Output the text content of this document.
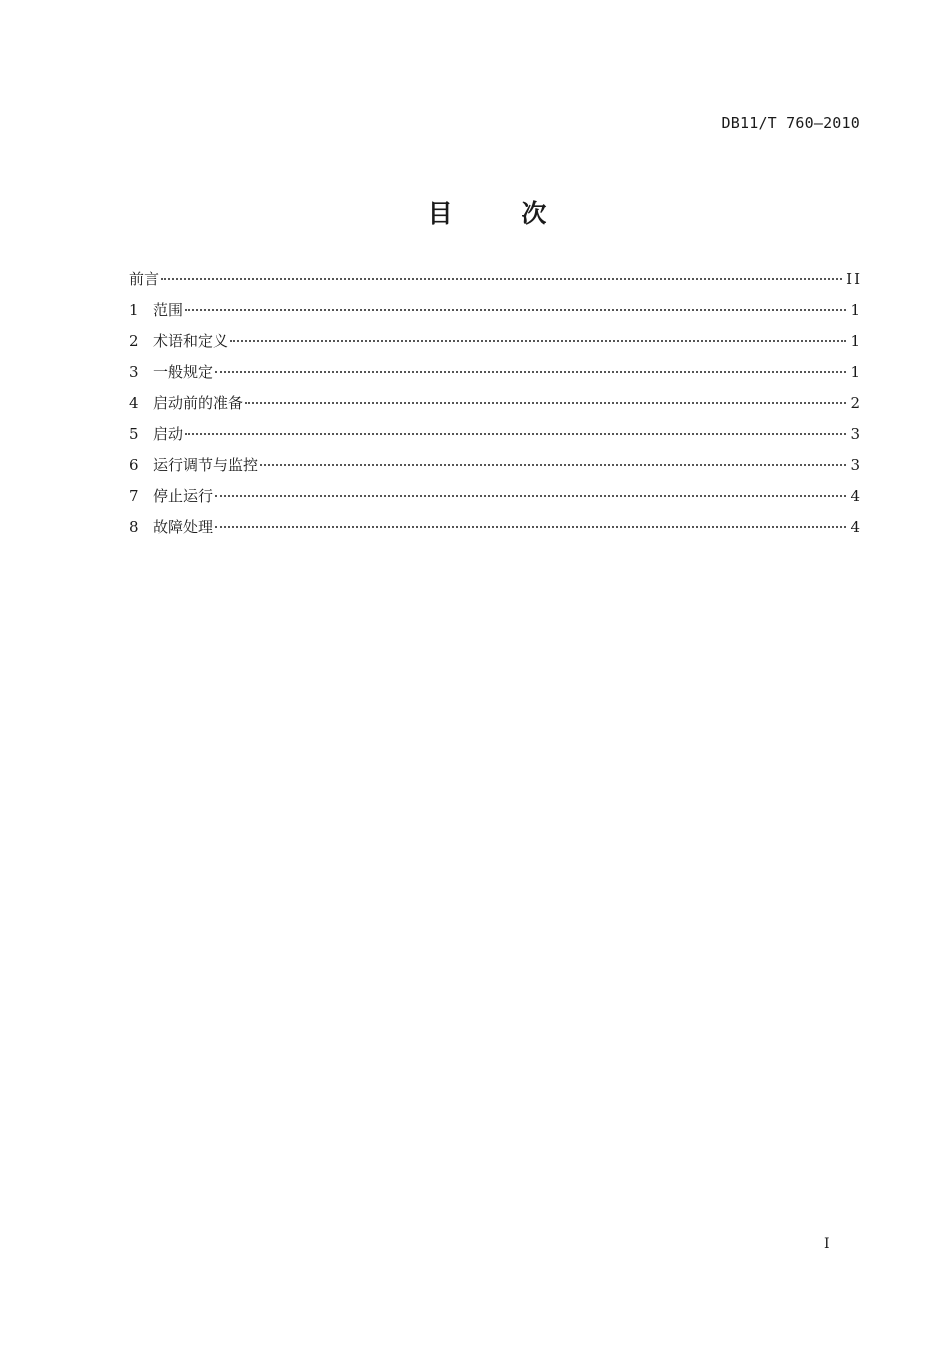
DB11/T 760—2010
目 次
前言	II
1 范围	1
2 术语和定义	1
3 一般规定	1
4 启动前的准备	2
5 启动	3
6 运行调节与监控	3
7 停止运行	4
8 故障处理	4
I
